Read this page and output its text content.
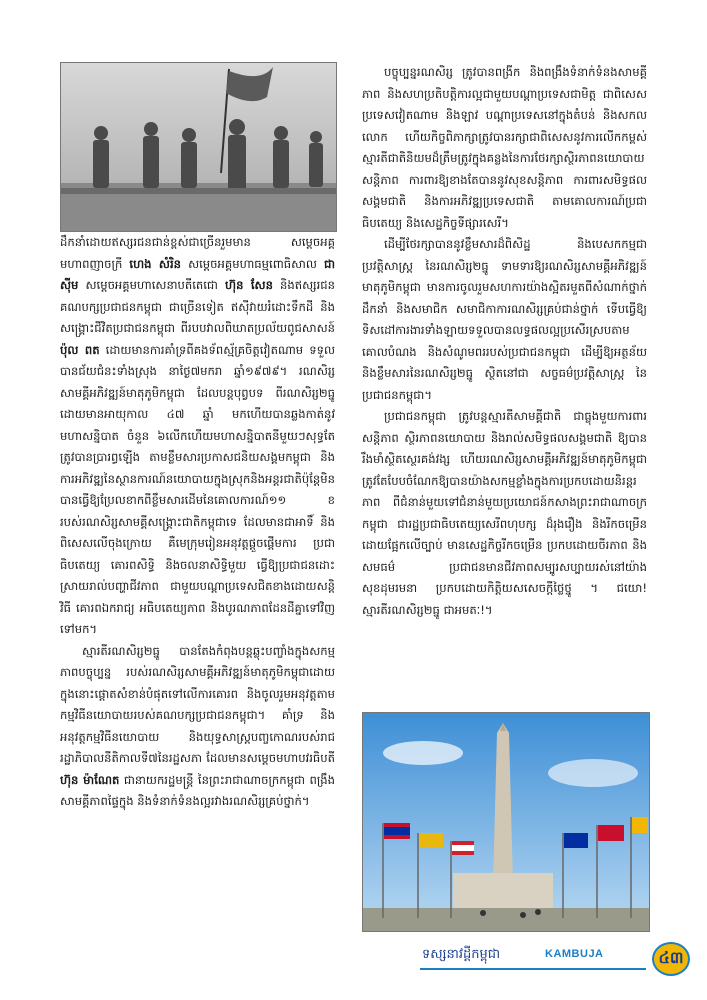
ដឹកនាំដោយឥស្សរជនជាន់ខ្ពស់ជាច្រើនរួមមាន សម្តេចអគ្គមហាពញាចក្រី ហេង សំរិន សម្តេចអគ្គមហាធម្មពោធិសាល ជា ស៊ីម សម្តេចអគ្គមហាសេនាបតីតេជោ ហ៊ុន សែន និងឥស្សរជនគណបក្សប្រជាជនកម្ពុជា ជាច្រើនទៀត ឥស៊ីវាយរំដោះទឹកដី និងសង្គ្រោះជីវិតប្រជាជនកម្ពុជា ពីរបបវាលពិឃាតប្រល័យពូជសាសន៍ ប៉ុល ពត ដោយមានការគាំទ្រពីគងទ័ពស្ម័គ្រចិត្តវៀតណាម ទទួលបានជ័យជំនះទាំងស្រុង នាថ្ងៃ៧មករា ឆ្នាំ១៩៧៩។ រណសិរ្សសាមគ្គីអភិវឌ្ឍន៍មាតុភូមិកម្ពុជា ដែលបន្តបុព្វបទ ពីរណសិរ្ស២ធ្នូ ដោយមានអាយុកាល ៤៧ ឆ្នាំ មកហើយបានឆ្លងកាត់នូវមហាសន្និបាត ចំនួន ៦លើកហើយមហាសន្និបាតនីមួយៗសុទ្ធតែត្រូវបានប្រារព្ធឡើង តាមខ្លឹមសារប្រកាសជនិយសង្គមកម្ពុជា និងការអភិវឌ្ឍនៃស្ថានការណ៍នយោបាយក្នុងស្រុកនិងអន្តរជាតិប៉ុន្តែមិនបានធ្វើឱ្យប្រែលខាកពីខ្លឹមសារដើមនៃគោលការណ៍១១ ខ របស់រណសិរ្សសាមគ្គីសង្គ្រោះជាតិកម្ពុជាទេ ដែលមានជាអាទិ៍ និងពិសេសលើចុងក្រោយ គឺមេក្រុមរៀនអនុវត្តផ្តួចផ្តើមការ ប្រជាធិបតេយ្យ គោរពសិទ្ធិ និងចលនាសិទ្ធិមួយ ធ្វើឱ្យប្រជាជនដោះស្រាយរាល់បញ្ហាជីវភាព ជាមួយបណ្តាប្រទេសជិតខាងដោយសន្តិវិធី គោរពឯករាជ្យ អធិបតេយ្យភាព និងបូរណភាពដែនដីគ្នាទៅវិញទៅមក។

ស្មារតីរណសិរ្ស២ធ្នូ បានតែងកំពុងបន្តឆ្លុះបញ្ចាំងក្នុងសកម្មភាពបច្ចុប្បន្ន របស់រណសិរ្សសាមគ្គីអភិវឌ្ឍន៍មាតុភូមិកម្ពុជាដោយក្នុងនោះផ្តោតសំខាន់បំផុតទៅលើការគោរព និងចូលរួមអនុវត្តតាមកម្មវិធីនយោបាយរបស់គណបក្សប្រជាជនកម្ពុជា។ គាំទ្រ និងអនុវត្តកម្មវិធីនយោបាយ និងយុទ្ធសាស្ត្របញ្ចកោណរបស់រាជរដ្ឋាភិបាលនីតិកាលទី៧នៃរដ្ឋសភា ដែលមានសម្តេចមហាបវរធិបតី ហ៊ុន ម៉ាណែត ជានាយករដ្ឋមន្ត្រី នៃព្រះរាជាណាចក្រកម្ពុជា ពង្រឹងសាមគ្គីភាពផ្ទៃក្នុង និងទំនាក់ទំនងល្អរវាងរណសិរ្សគ្រប់ថ្នាក់។

បច្ចុប្បន្នរណសិរ្ស ត្រូវបានពង្រីក និងពង្រឹងទំនាក់ទំនងសាមគ្គីភាព និងសហប្រតិបត្តិការល្អជាមួយបណ្តាប្រទេសជាមិត្ត ជាពិសេសប្រទេសវៀតណាម និងឡាវ បណ្តាប្រទេសនៅក្នុងតំបន់ និងសកលលោក ហើយកិច្ចពិភាក្សាត្រូវបានរក្សាជាពិសេសនូវការលើកកម្ពស់ស្មារតីជាតិនិយមដ៏ត្រឹមត្រូវក្នុងគន្លងនៃការថែរក្សាស្ថិរភាពនយោបាយ សន្តិភាព ការពារឱ្យខាងតែបាននូវសុខសន្តិភាព ការពារសមិទ្ធផលសង្គមជាតិ និងការអភិវឌ្ឍប្រទេសជាតិ តាមគោលការណ៍ប្រជាធិបតេយ្យ និងសេដ្ឋកិច្ចទីផ្សារសេរី។

ដើម្បីថែរក្សាបាននូវខ្លឹមសារដ៏ពិសិដ្ឋ និងបេសកកម្មជាប្រវត្តិសាស្ត្រ នៃរណសិរ្ស២ធ្នូ ទាមទារឱ្យរណសិរ្សសាមគ្គីអភិវឌ្ឍន៍មាតុភូមិកម្ពុជា មានការចូលរួមសហការយ៉ាងស្អិតរមួតពីសំណាក់ថ្នាក់ដឹកនាំ និងសមាជិក សមាជិកាការណសិរ្សគ្រប់ជាន់ថ្នាក់ ទើបធ្វើឱ្យទិសដៅការងារទាំងឡាយទទួលបានលទ្ធផលល្អប្រសើរស្របតាមគោលបំណង និងសំណូមពររបស់ប្រជាជនកម្ពុជា ដើម្បីឱ្យអត្ថន័យ និងខ្លឹមសារនៃរណសិរ្ស២ធ្នូ ស្ថិតនៅជា សច្ចធម៌ប្រវត្តិសាស្ត្រ នៃប្រជាជនកម្ពុជា។

ប្រជាជនកម្ពុជា ត្រូវបន្តស្មារតីសាមគ្គីជាតិ ជាធ្លុងមួយការពារសន្តិភាព ស្ថិរភាពនយោបាយ និងរាល់សមិទ្ធផលសង្គមជាតិ ឱ្យបានរឹងមាំស្ថិតស្ថេរគង់វង្ស ហើយរណសិរ្សសាមគ្គីអភិវឌ្ឍន៍មាតុភូមិកម្ពុជា ត្រូវតែបែបចំណែកឱ្យបានយ៉ាងសកម្មខ្លាំងក្នុងការប្រកបដោយនិរន្តរភាព ពីជំនាន់មួយទៅជំនាន់មួយប្រយោជន៍កសាងព្រះរាជាណាចក្រកម្ពុជា ជារដ្ឋប្រជាធិបតេយ្យសេរីពហុបក្ស ដ៏រុងរឿង និងរីកចម្រើន ដោយផ្អែកលើច្បាប់ មានសេដ្ឋកិច្ចរីកចម្រើន ប្រកបដោយចីរភាព និងសមធម៌ ប្រជាជនមានជីវភាពសម្បូរសប្បាយរស់នៅយ៉ាងសុខដុមរមនា ប្រកបដោយកិត្តិយសសេចក្តីថ្លៃថ្នូ ។ ជយោ! ស្មារតីរណសិរ្ស២ធ្នូ ជាអមតៈ!។

ទស្សនាវដ្តីកម្ពុជា	KAMBUJA	៤៣
